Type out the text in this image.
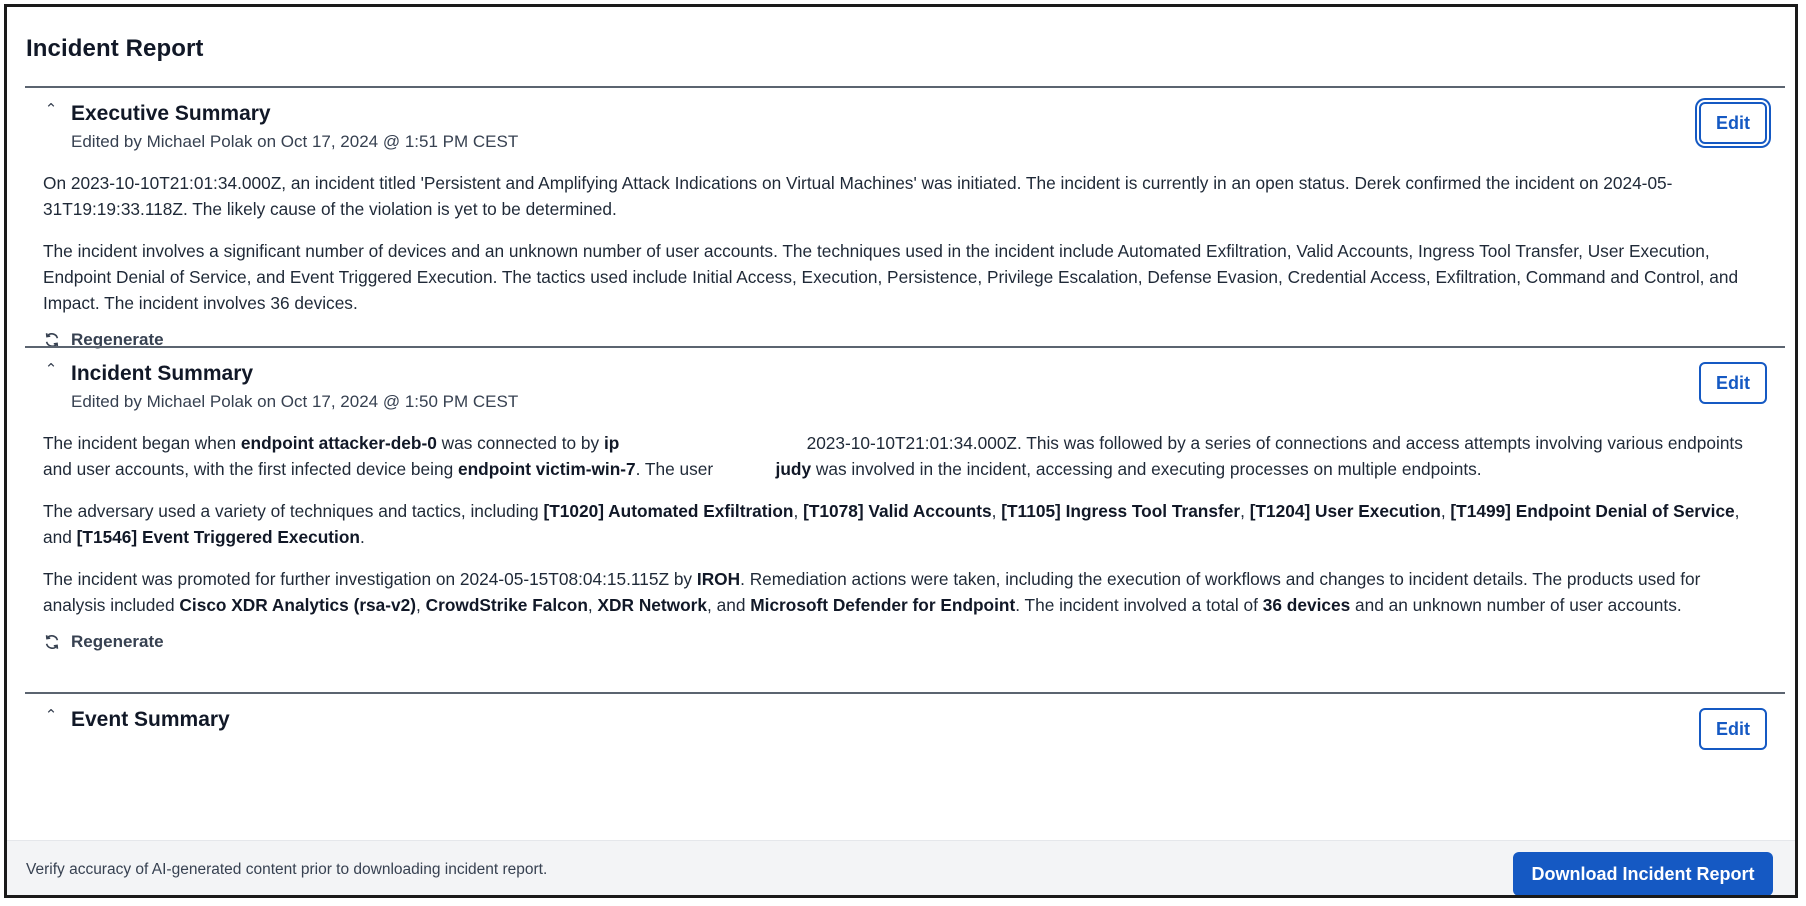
Incident Report
⌃ Executive Summary
Edited by Michael Polak on Oct 17, 2024 @ 1:51 PM CEST
Edit

On 2023-10-10T21:01:34.000Z, an incident titled 'Persistent and Amplifying Attack Indications on Virtual Machines' was initiated. The incident is currently in an open status. Derek confirmed the incident on 2024-05-31T19:19:33.118Z. The likely cause of the violation is yet to be determined.

The incident involves a significant number of devices and an unknown number of user accounts. The techniques used in the incident include Automated Exfiltration, Valid Accounts, Ingress Tool Transfer, User Execution, Endpoint Denial of Service, and Event Triggered Execution. The tactics used include Initial Access, Execution, Persistence, Privilege Escalation, Defense Evasion, Credential Access, Exfiltration, Command and Control, and Impact. The incident involves 36 devices.

Regenerate
⌃ Incident Summary
Edited by Michael Polak on Oct 17, 2024 @ 1:50 PM CEST
Edit

The incident began when endpoint attacker-deb-0 was connected to by ip                                       2023-10-10T21:01:34.000Z. This was followed by a series of connections and access attempts involving various endpoints and user accounts, with the first infected device being endpoint victim-win-7. The user             judy was involved in the incident, accessing and executing processes on multiple endpoints.

The adversary used a variety of techniques and tactics, including [T1020] Automated Exfiltration, [T1078] Valid Accounts, [T1105] Ingress Tool Transfer, [T1204] User Execution, [T1499] Endpoint Denial of Service, and [T1546] Event Triggered Execution.

The incident was promoted for further investigation on 2024-05-15T08:04:15.115Z by IROH. Remediation actions were taken, including the execution of workflows and changes to incident details. The products used for analysis included Cisco XDR Analytics (rsa-v2), CrowdStrike Falcon, XDR Network, and Microsoft Defender for Endpoint. The incident involved a total of 36 devices and an unknown number of user accounts.

Regenerate
⌃ Event Summary	Edit
Verify accuracy of AI-generated content prior to downloading incident report.	Download Incident Report
